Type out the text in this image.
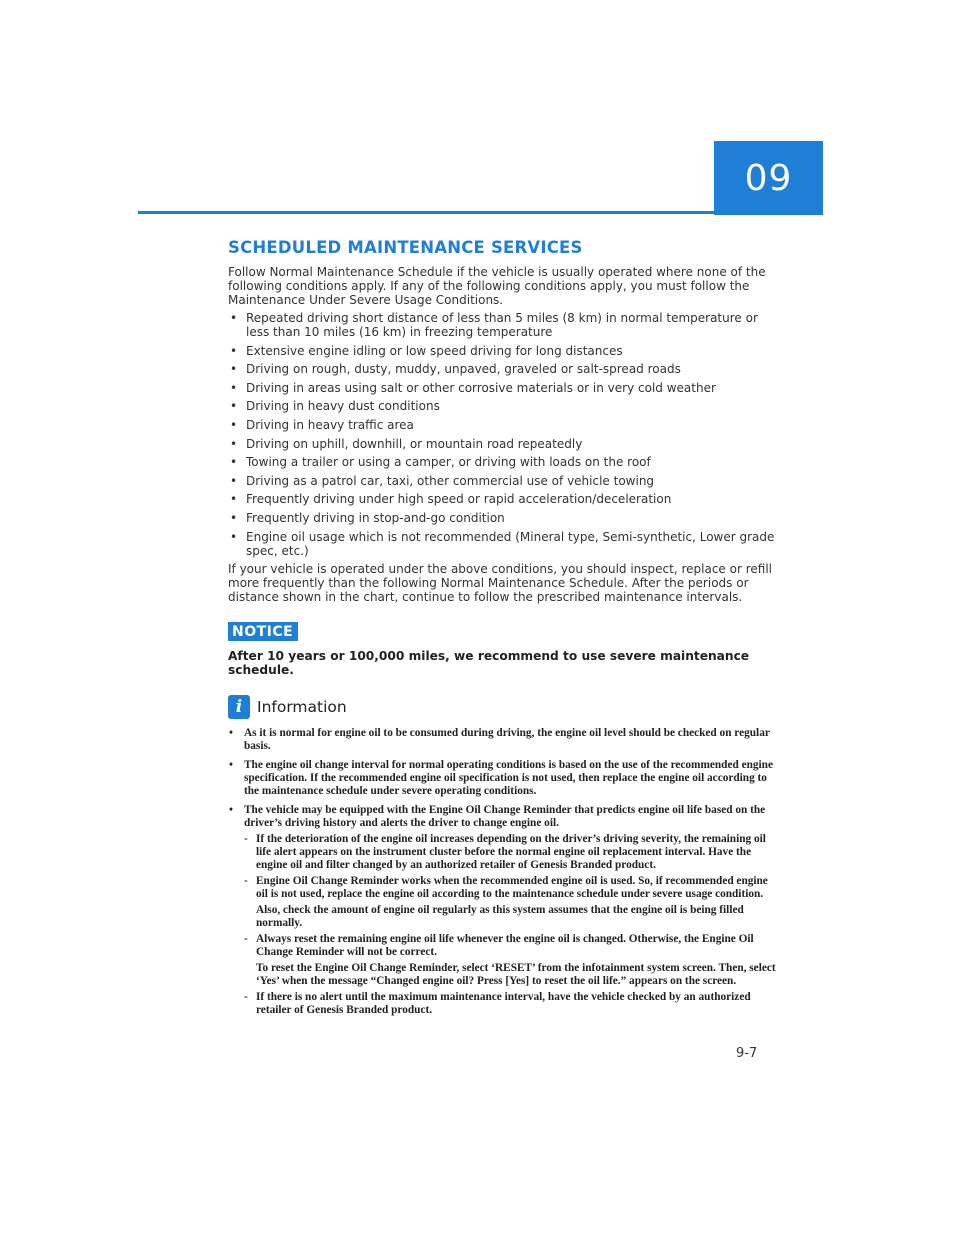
09
SCHEDULED MAINTENANCE SERVICES

Follow Normal Maintenance Schedule if the vehicle is usually operated where none of the following conditions apply. If any of the following conditions apply, you must follow the Maintenance Under Severe Usage Conditions.

• Repeated driving short distance of less than 5 miles (8 km) in normal temperature or less than 10 miles (16 km) in freezing temperature
• Extensive engine idling or low speed driving for long distances
• Driving on rough, dusty, muddy, unpaved, graveled or salt-spread roads
• Driving in areas using salt or other corrosive materials or in very cold weather
• Driving in heavy dust conditions
• Driving in heavy traffic area
• Driving on uphill, downhill, or mountain road repeatedly
• Towing a trailer or using a camper, or driving with loads on the roof
• Driving as a patrol car, taxi, other commercial use of vehicle towing
• Frequently driving under high speed or rapid acceleration/deceleration
• Frequently driving in stop-and-go condition
• Engine oil usage which is not recommended (Mineral type, Semi-synthetic, Lower grade spec, etc.)

If your vehicle is operated under the above conditions, you should inspect, replace or refill more frequently than the following Normal Maintenance Schedule. After the periods or distance shown in the chart, continue to follow the prescribed maintenance intervals.

NOTICE

After 10 years or 100,000 miles, we recommend to use severe maintenance schedule.

i Information
• As it is normal for engine oil to be consumed during driving, the engine oil level should be checked on regular basis.
• The engine oil change interval for normal operating conditions is based on the use of the recommended engine specification. If the recommended engine oil specification is not used, then replace the engine oil according to the maintenance schedule under severe operating conditions.
• The vehicle may be equipped with the Engine Oil Change Reminder that predicts engine oil life based on the driver’s driving history and alerts the driver to change engine oil.
- If the deterioration of the engine oil increases depending on the driver’s driving severity, the remaining oil life alert appears on the instrument cluster before the normal engine oil replacement interval. Have the engine oil and filter changed by an authorized retailer of Genesis Branded product.
- Engine Oil Change Reminder works when the recommended engine oil is used. So, if recommended engine oil is not used, replace the engine oil according to the maintenance schedule under severe usage condition.
Also, check the amount of engine oil regularly as this system assumes that the engine oil is being filled normally.
- Always reset the remaining engine oil life whenever the engine oil is changed. Otherwise, the Engine Oil Change Reminder will not be correct.
To reset the Engine Oil Change Reminder, select ‘RESET’ from the infotainment system screen. Then, select ‘Yes’ when the message “Changed engine oil? Press [Yes] to reset the oil life.” appears on the screen.
- If there is no alert until the maximum maintenance interval, have the vehicle checked by an authorized retailer of Genesis Branded product.
9-7
